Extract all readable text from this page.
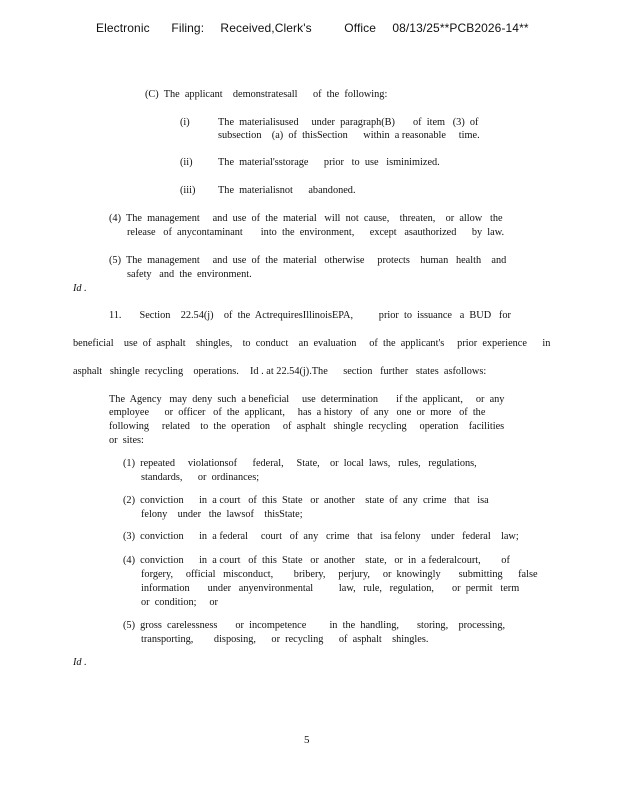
Electronic    Filing:   Received,Clerk's      Office   08/13/25**PCB2026-14**
(C)  The  applicant    demonstratesall      of  the  following:
(i)	The  materialisused     under  paragraph(B)       of  item   (3)  of
subsection    (a)  of  thisSection      within  a reasonable     time.
(ii) The  material'sstorage      prior   to  use   isminimized.
(iii) The  materialisnot      abandoned.
(4)  The  management     and  use  of  the  material   will  not  cause,    threaten,    or  allow   the
release   of  anycontaminant       into  the  environment,      except   asauthorized      by  law.
(5)  The  management     and  use  of  the  material   otherwise     protects    human   health    and
safety   and  the  environment.
Id .
11.       Section    22.54(j)    of  the  ActrequiresIllinoisEPA,          prior  to  issuance   a  BUD   for
beneficial    use  of  asphalt    shingles,    to  conduct    an  evaluation     of  the  applicant's     prior  experience      in
asphalt   shingle  recycling    operations. Id . at 22.54(j).The      section   further   states  asfollows:
The  Agency   may  deny  such  a beneficial     use  determination       if the  applicant,     or  any
employee      or  officer   of  the  applicant,     has  a history   of  any   one  or  more   of  the
following     related    to  the  operation     of  asphalt   shingle  recycling     operation    facilities
or  sites:
(1)  repeated     violationsof      federal,     State,    or  local  laws,   rules,   regulations,
standards,      or  ordinances;
(2)  conviction      in  a court   of  this  State   or  another    state  of  any  crime   that   isa
felony    under   the  lawsof    thisState;
(3)  conviction      in  a federal     court   of  any   crime   that   isa felony    under   federal    law;
(4)  conviction      in  a court   of  this  State   or  another    state,   or  in  a federalcourt,        of
forgery,     official   misconduct,        bribery,     perjury,     or  knowingly       submitting      false
information       under   anyenvironmental          law,   rule,   regulation,       or  permit   term
or  condition;     or
(5)  gross  carelessness       or  incompetence         in  the  handling,       storing,    processing,
transporting,        disposing,      or  recycling      of  asphalt    shingles.
Id .
5
